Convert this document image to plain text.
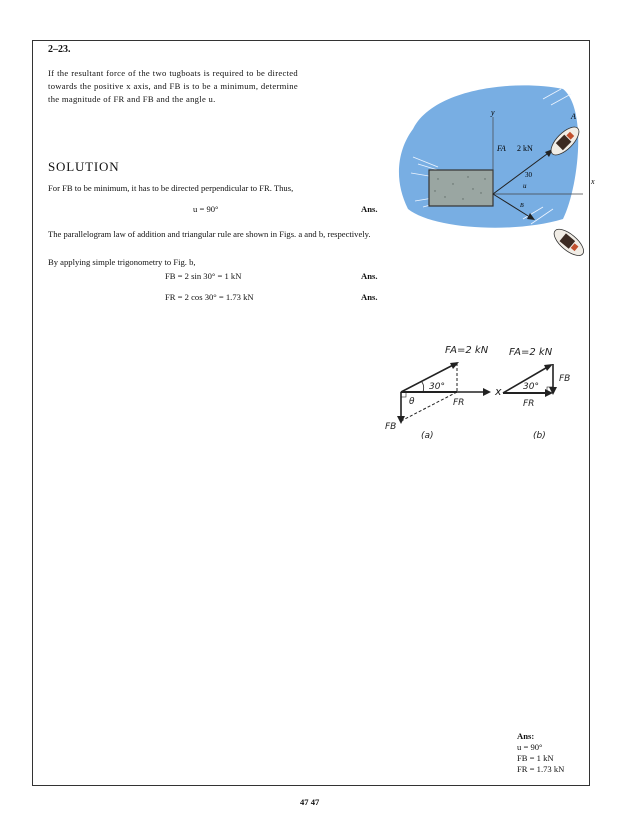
2–23.
If the resultant force of the two tugboats is required to be directed towards the positive x axis, and FB is to be a minimum, determine the magnitude of FR and FB and the angle u.
y	A
FA 2 kN
30
u	x
B
SOLUTION
For FB to be minimum, it has to be directed perpendicular to FR. Thus,
u = 90°	Ans.
The parallelogram law of addition and triangular rule are shown in Figs. a and b, respectively.
By applying simple trigonometry to Fig. b,
FB = 2 sin 30° = 1 kN	Ans.
FR = 2 cos 30° = 1.73 kN	Ans.
FA=2 kN
30°
θ	FR
x
FB
(a)
FA=2 kN
30°
FB
FR
(b)
Ans:
u = 90°
FB = 1 kN
FR = 1.73 kN
47 47
